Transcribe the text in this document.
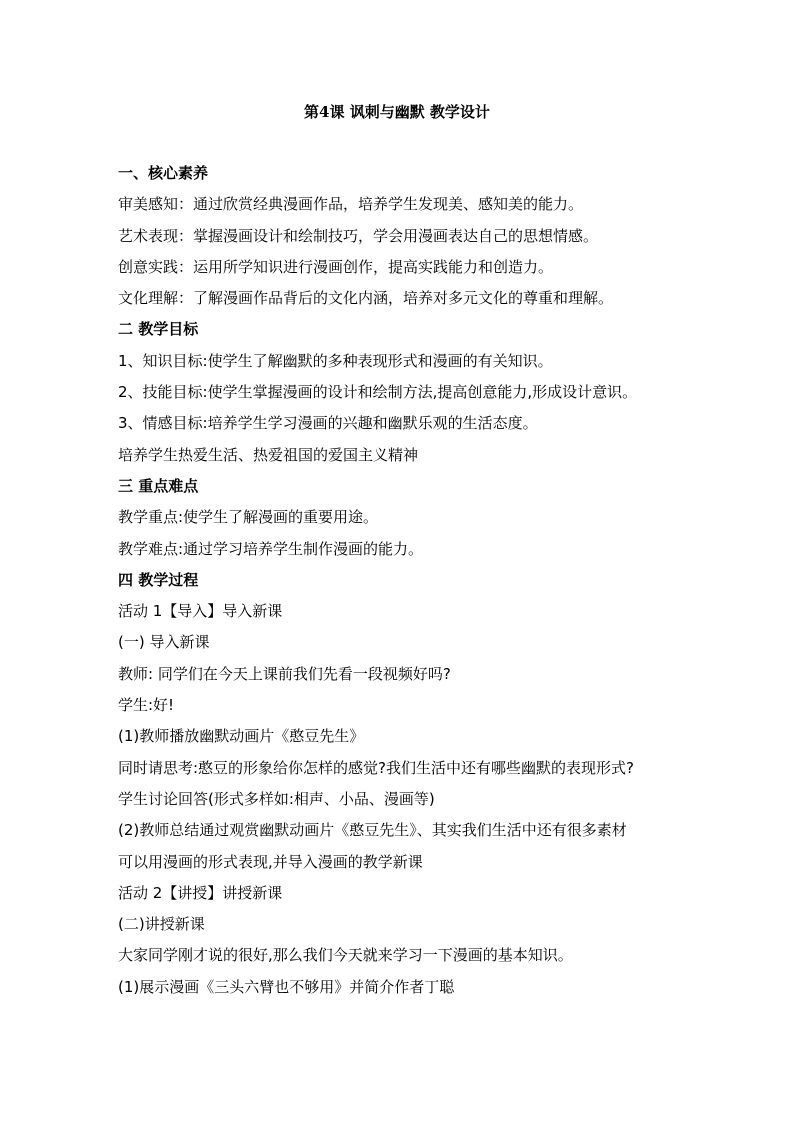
第4课 讽刺与幽默 教学设计

一、核心素养

审美感知：通过欣赏经典漫画作品，培养学生发现美、感知美的能力。

艺术表现：掌握漫画设计和绘制技巧，学会用漫画表达自己的思想情感。

创意实践：运用所学知识进行漫画创作，提高实践能力和创造力。

文化理解：了解漫画作品背后的文化内涵，培养对多元文化的尊重和理解。

二 教学目标

1、知识目标:使学生了解幽默的多种表现形式和漫画的有关知识。

2、技能目标:使学生掌握漫画的设计和绘制方法,提高创意能力,形成设计意识。

3、情感目标:培养学生学习漫画的兴趣和幽默乐观的生活态度。

培养学生热爱生活、热爱祖国的爱国主义精神

三 重点难点

教学重点:使学生了解漫画的重要用途。

教学难点:通过学习培养学生制作漫画的能力。

四 教学过程

活动 1【导入】导入新课

(一) 导入新课

教师: 同学们在今天上课前我们先看一段视频好吗?

学生:好!

(1)教师播放幽默动画片《憨豆先生》

同时请思考:憨豆的形象给你怎样的感觉?我们生活中还有哪些幽默的表现形式?

学生讨论回答(形式多样如:相声、小品、漫画等)

(2)教师总结通过观赏幽默动画片《憨豆先生》、其实我们生活中还有很多素材

可以用漫画的形式表现,并导入漫画的教学新课

活动 2【讲授】讲授新课

(二)讲授新课

大家同学刚才说的很好,那么我们今天就来学习一下漫画的基本知识。

(1)展示漫画《三头六臂也不够用》并简介作者丁聪
